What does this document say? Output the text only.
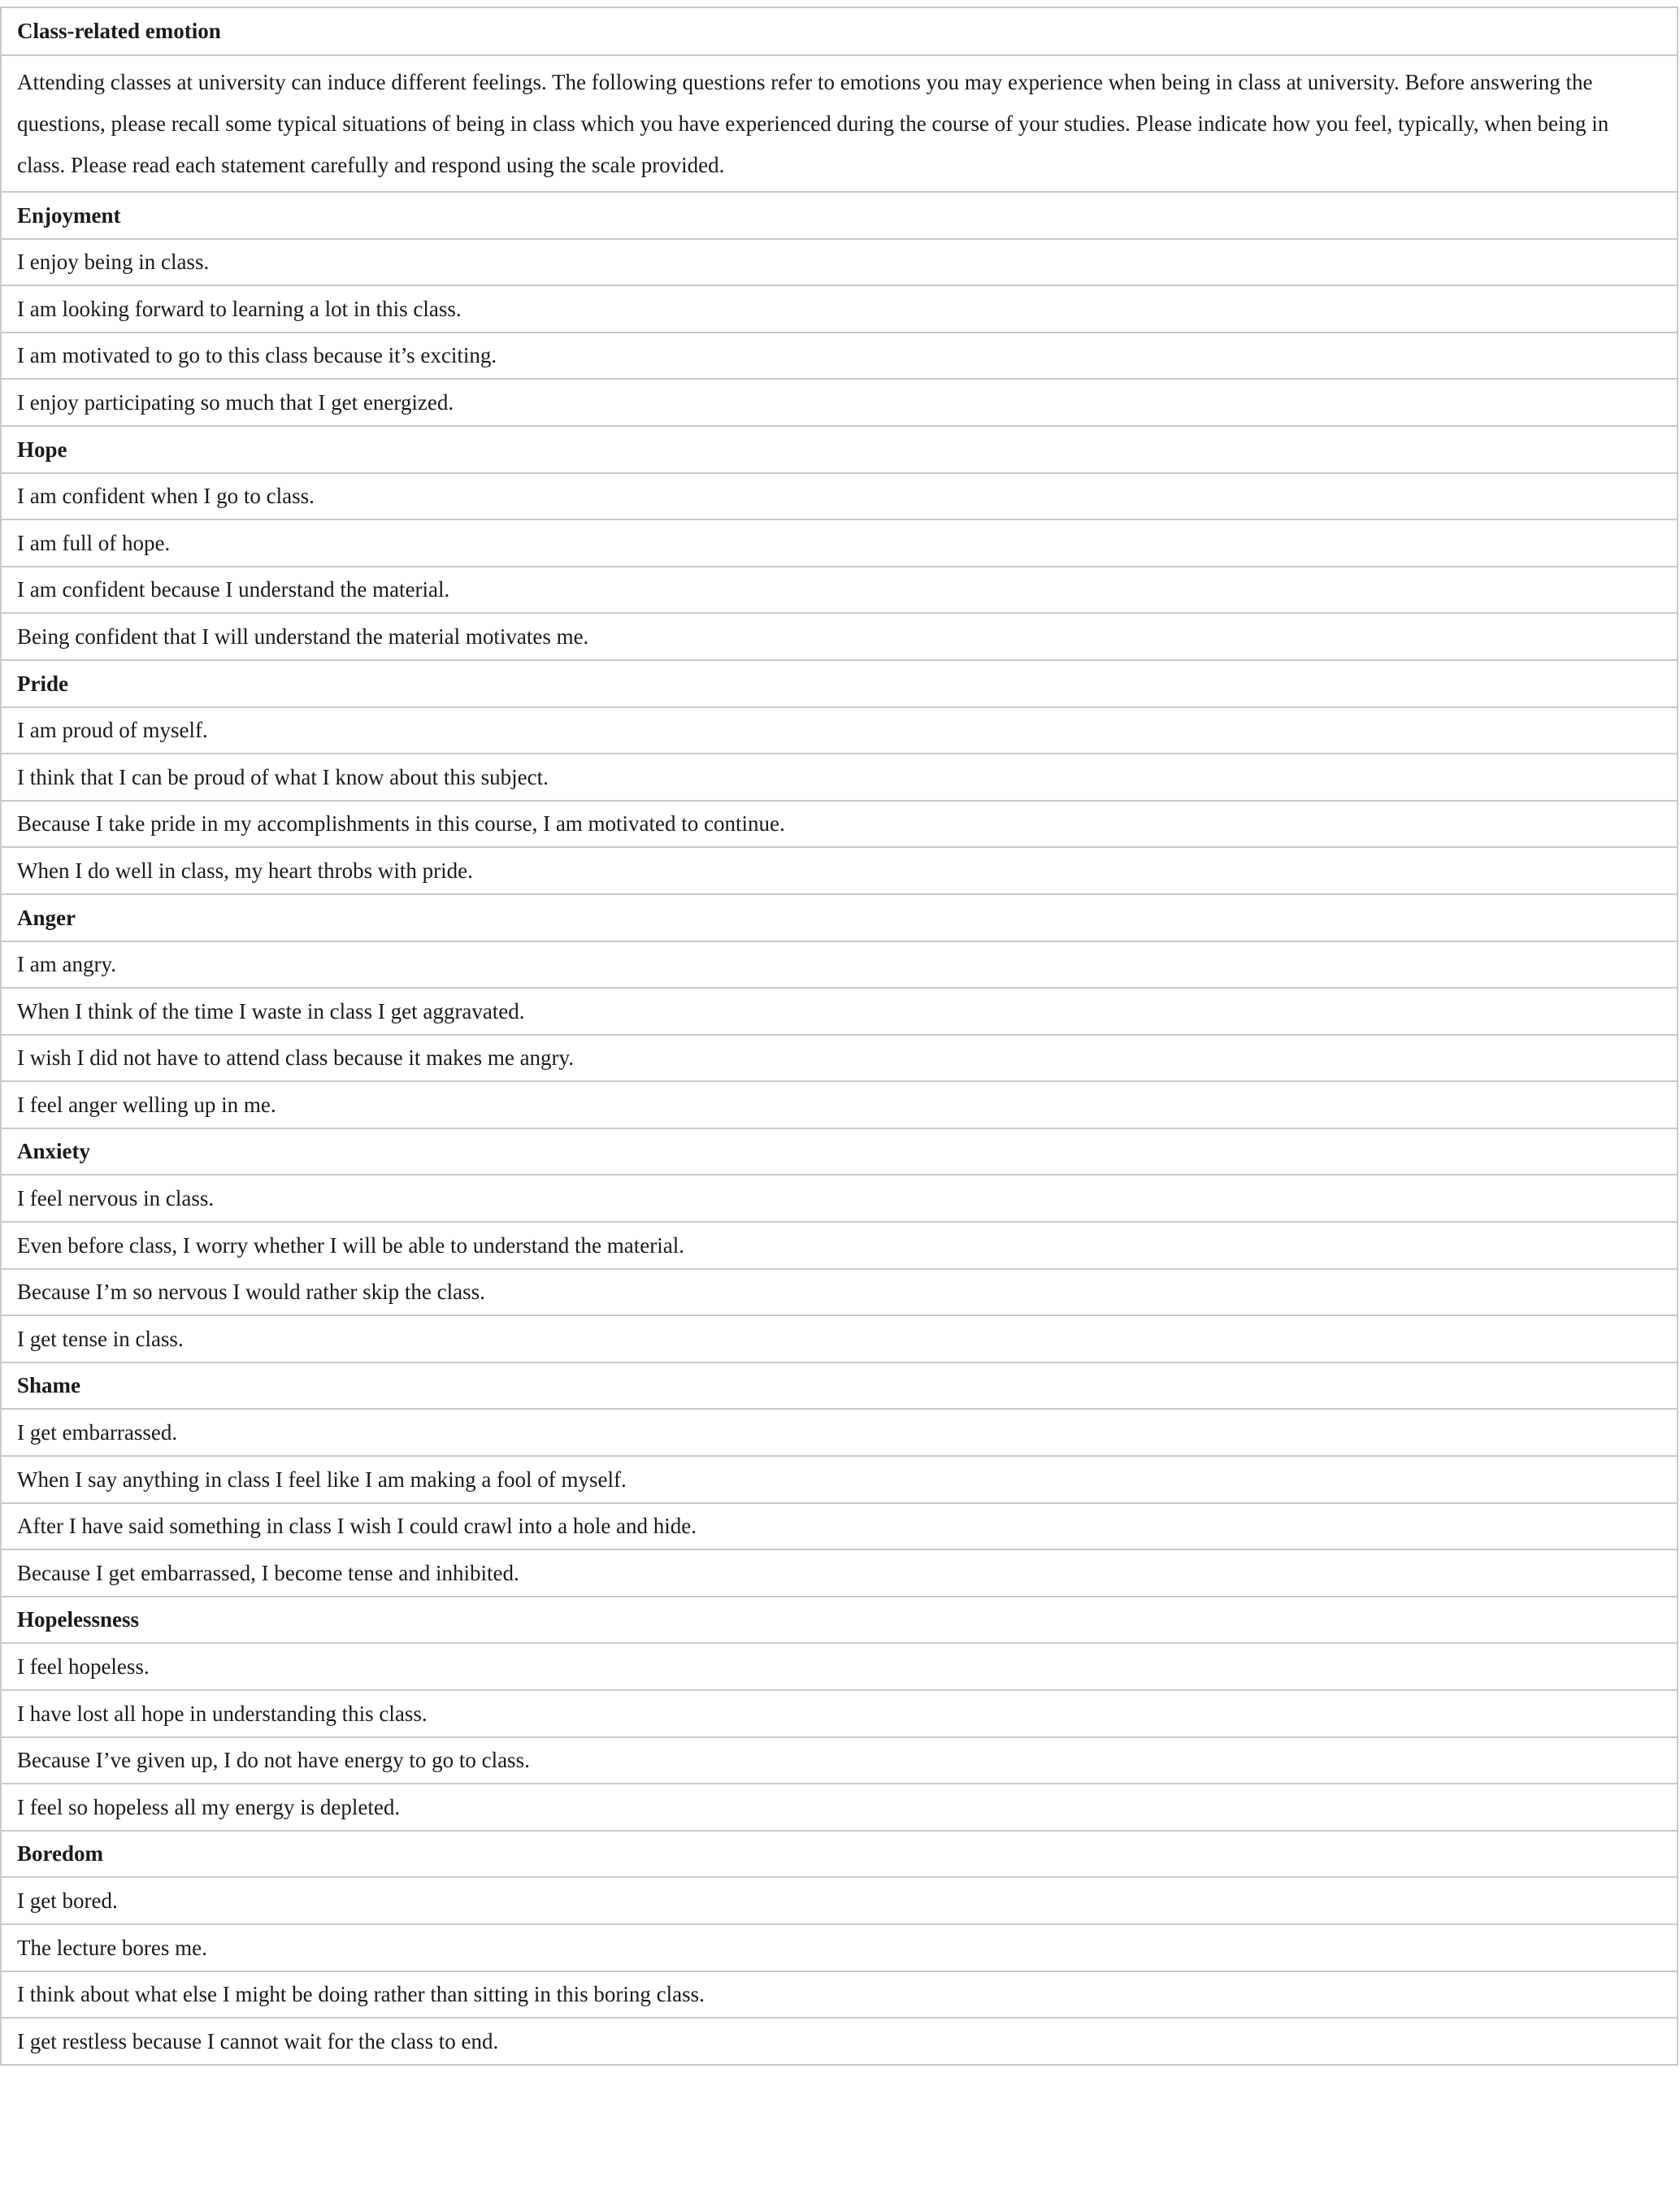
Class-related emotion
Attending classes at university can induce different feelings. The following questions refer to emotions you may experience when being in class at university. Before answering the questions, please recall some typical situations of being in class which you have experienced during the course of your studies. Please indicate how you feel, typically, when being in class. Please read each statement carefully and respond using the scale provided.
Enjoyment
I enjoy being in class.
I am looking forward to learning a lot in this class.
I am motivated to go to this class because it’s exciting.
I enjoy participating so much that I get energized.
Hope
I am confident when I go to class.
I am full of hope.
I am confident because I understand the material.
Being confident that I will understand the material motivates me.
Pride
I am proud of myself.
I think that I can be proud of what I know about this subject.
Because I take pride in my accomplishments in this course, I am motivated to continue.
When I do well in class, my heart throbs with pride.
Anger
I am angry.
When I think of the time I waste in class I get aggravated.
I wish I did not have to attend class because it makes me angry.
I feel anger welling up in me.
Anxiety
I feel nervous in class.
Even before class, I worry whether I will be able to understand the material.
Because I’m so nervous I would rather skip the class.
I get tense in class.
Shame
I get embarrassed.
When I say anything in class I feel like I am making a fool of myself.
After I have said something in class I wish I could crawl into a hole and hide.
Because I get embarrassed, I become tense and inhibited.
Hopelessness
I feel hopeless.
I have lost all hope in understanding this class.
Because I’ve given up, I do not have energy to go to class.
I feel so hopeless all my energy is depleted.
Boredom
I get bored.
The lecture bores me.
I think about what else I might be doing rather than sitting in this boring class.
I get restless because I cannot wait for the class to end.
